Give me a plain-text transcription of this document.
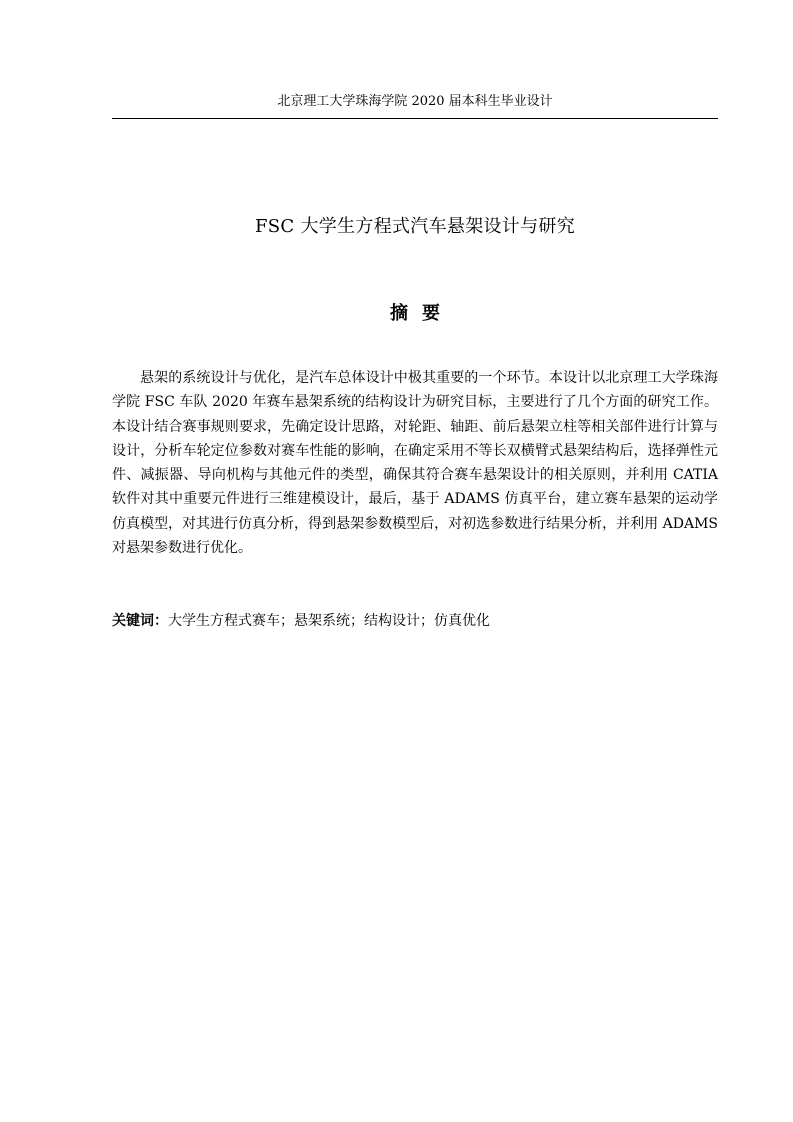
北京理工大学珠海学院 2020 届本科生毕业设计
FSC 大学生方程式汽车悬架设计与研究
摘要

悬架的系统设计与优化，是汽车总体设计中极其重要的一个环节。本设计以北京理工大学珠海学院 FSC 车队 2020 年赛车悬架系统的结构设计为研究目标，主要进行了几个方面的研究工作。本设计结合赛事规则要求，先确定设计思路，对轮距、轴距、前后悬架立柱等相关部件进行计算与设计，分析车轮定位参数对赛车性能的影响，在确定采用不等长双横臂式悬架结构后，选择弹性元件、减振器、导向机构与其他元件的类型，确保其符合赛车悬架设计的相关原则，并利用 CATIA 软件对其中重要元件进行三维建模设计，最后，基于 ADAMS 仿真平台，建立赛车悬架的运动学仿真模型，对其进行仿真分析，得到悬架参数模型后，对初选参数进行结果分析，并利用 ADAMS 对悬架参数进行优化。

关键词：大学生方程式赛车；悬架系统；结构设计；仿真优化
